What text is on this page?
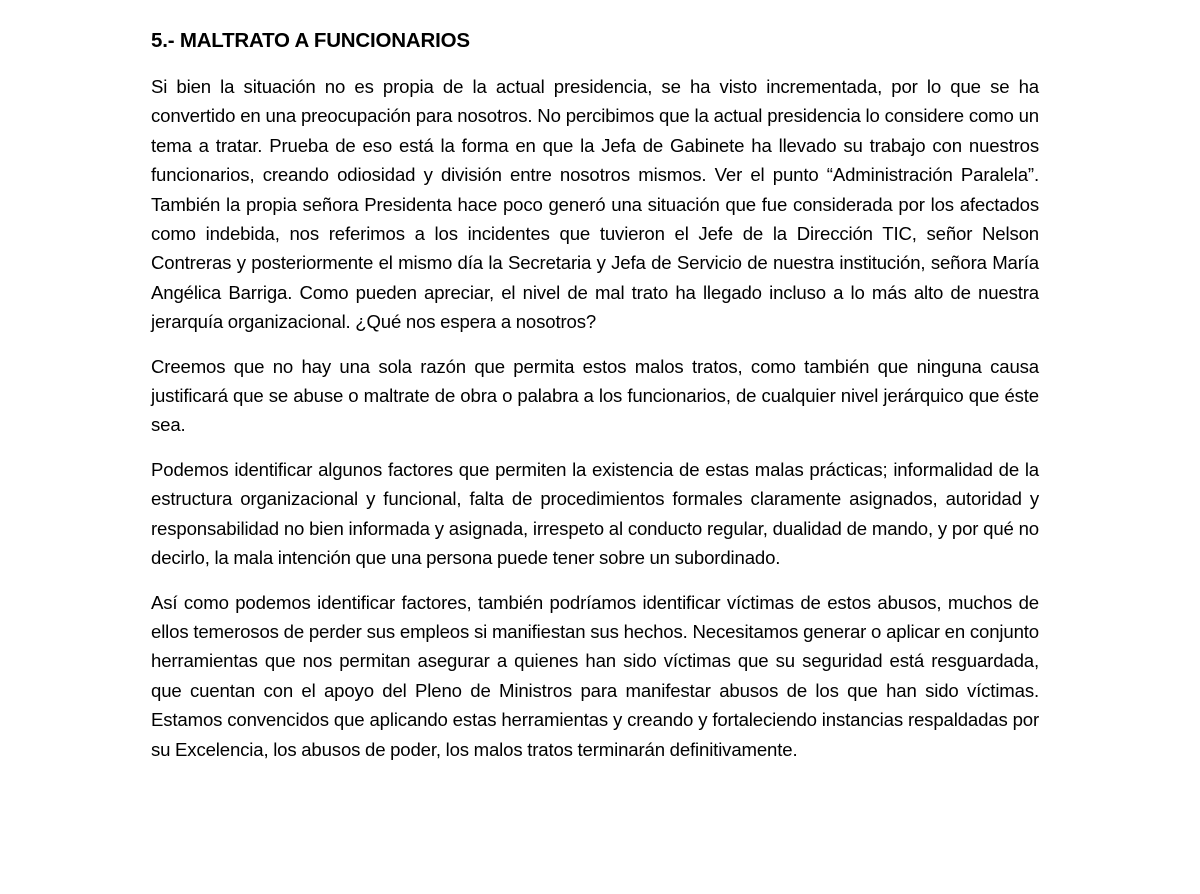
5.- MALTRATO A FUNCIONARIOS

Si bien la situación no es propia de la actual presidencia, se ha visto incrementada, por lo que se ha convertido en una preocupación para nosotros. No percibimos que la actual presidencia lo considere como un tema a tratar. Prueba de eso está la forma en que la Jefa de Gabinete ha llevado su trabajo con nuestros funcionarios, creando odiosidad y división entre nosotros mismos. Ver el punto “Administración Paralela”. También la propia señora Presidenta hace poco generó una situación que fue considerada por los afectados como indebida, nos referimos a los incidentes que tuvieron el Jefe de la Dirección TIC, señor Nelson Contreras y posteriormente el mismo día la Secretaria y Jefa de Servicio de nuestra institución, señora María Angélica Barriga. Como pueden apreciar, el nivel de mal trato ha llegado incluso a lo más alto de nuestra jerarquía organizacional. ¿Qué nos espera a nosotros?

Creemos que no hay una sola razón que permita estos malos tratos, como también que ninguna causa justificará que se abuse o maltrate de obra o palabra a los funcionarios, de cualquier nivel jerárquico que éste sea.

Podemos identificar algunos factores que permiten la existencia de estas malas prácticas; informalidad de la estructura organizacional y funcional, falta de procedimientos formales claramente asignados, autoridad y responsabilidad no bien informada y asignada, irrespeto al conducto regular, dualidad de mando, y por qué no decirlo, la mala intención que una persona puede tener sobre un subordinado.

Así como podemos identificar factores, también podríamos identificar víctimas de estos abusos, muchos de ellos temerosos de perder sus empleos si manifiestan sus hechos. Necesitamos generar o aplicar en conjunto herramientas que nos permitan asegurar a quienes han sido víctimas que su seguridad está resguardada, que cuentan con el apoyo del Pleno de Ministros para manifestar abusos de los que han sido víctimas. Estamos convencidos que aplicando estas herramientas y creando y fortaleciendo instancias respaldadas por su Excelencia, los abusos de poder, los malos tratos terminarán definitivamente.
